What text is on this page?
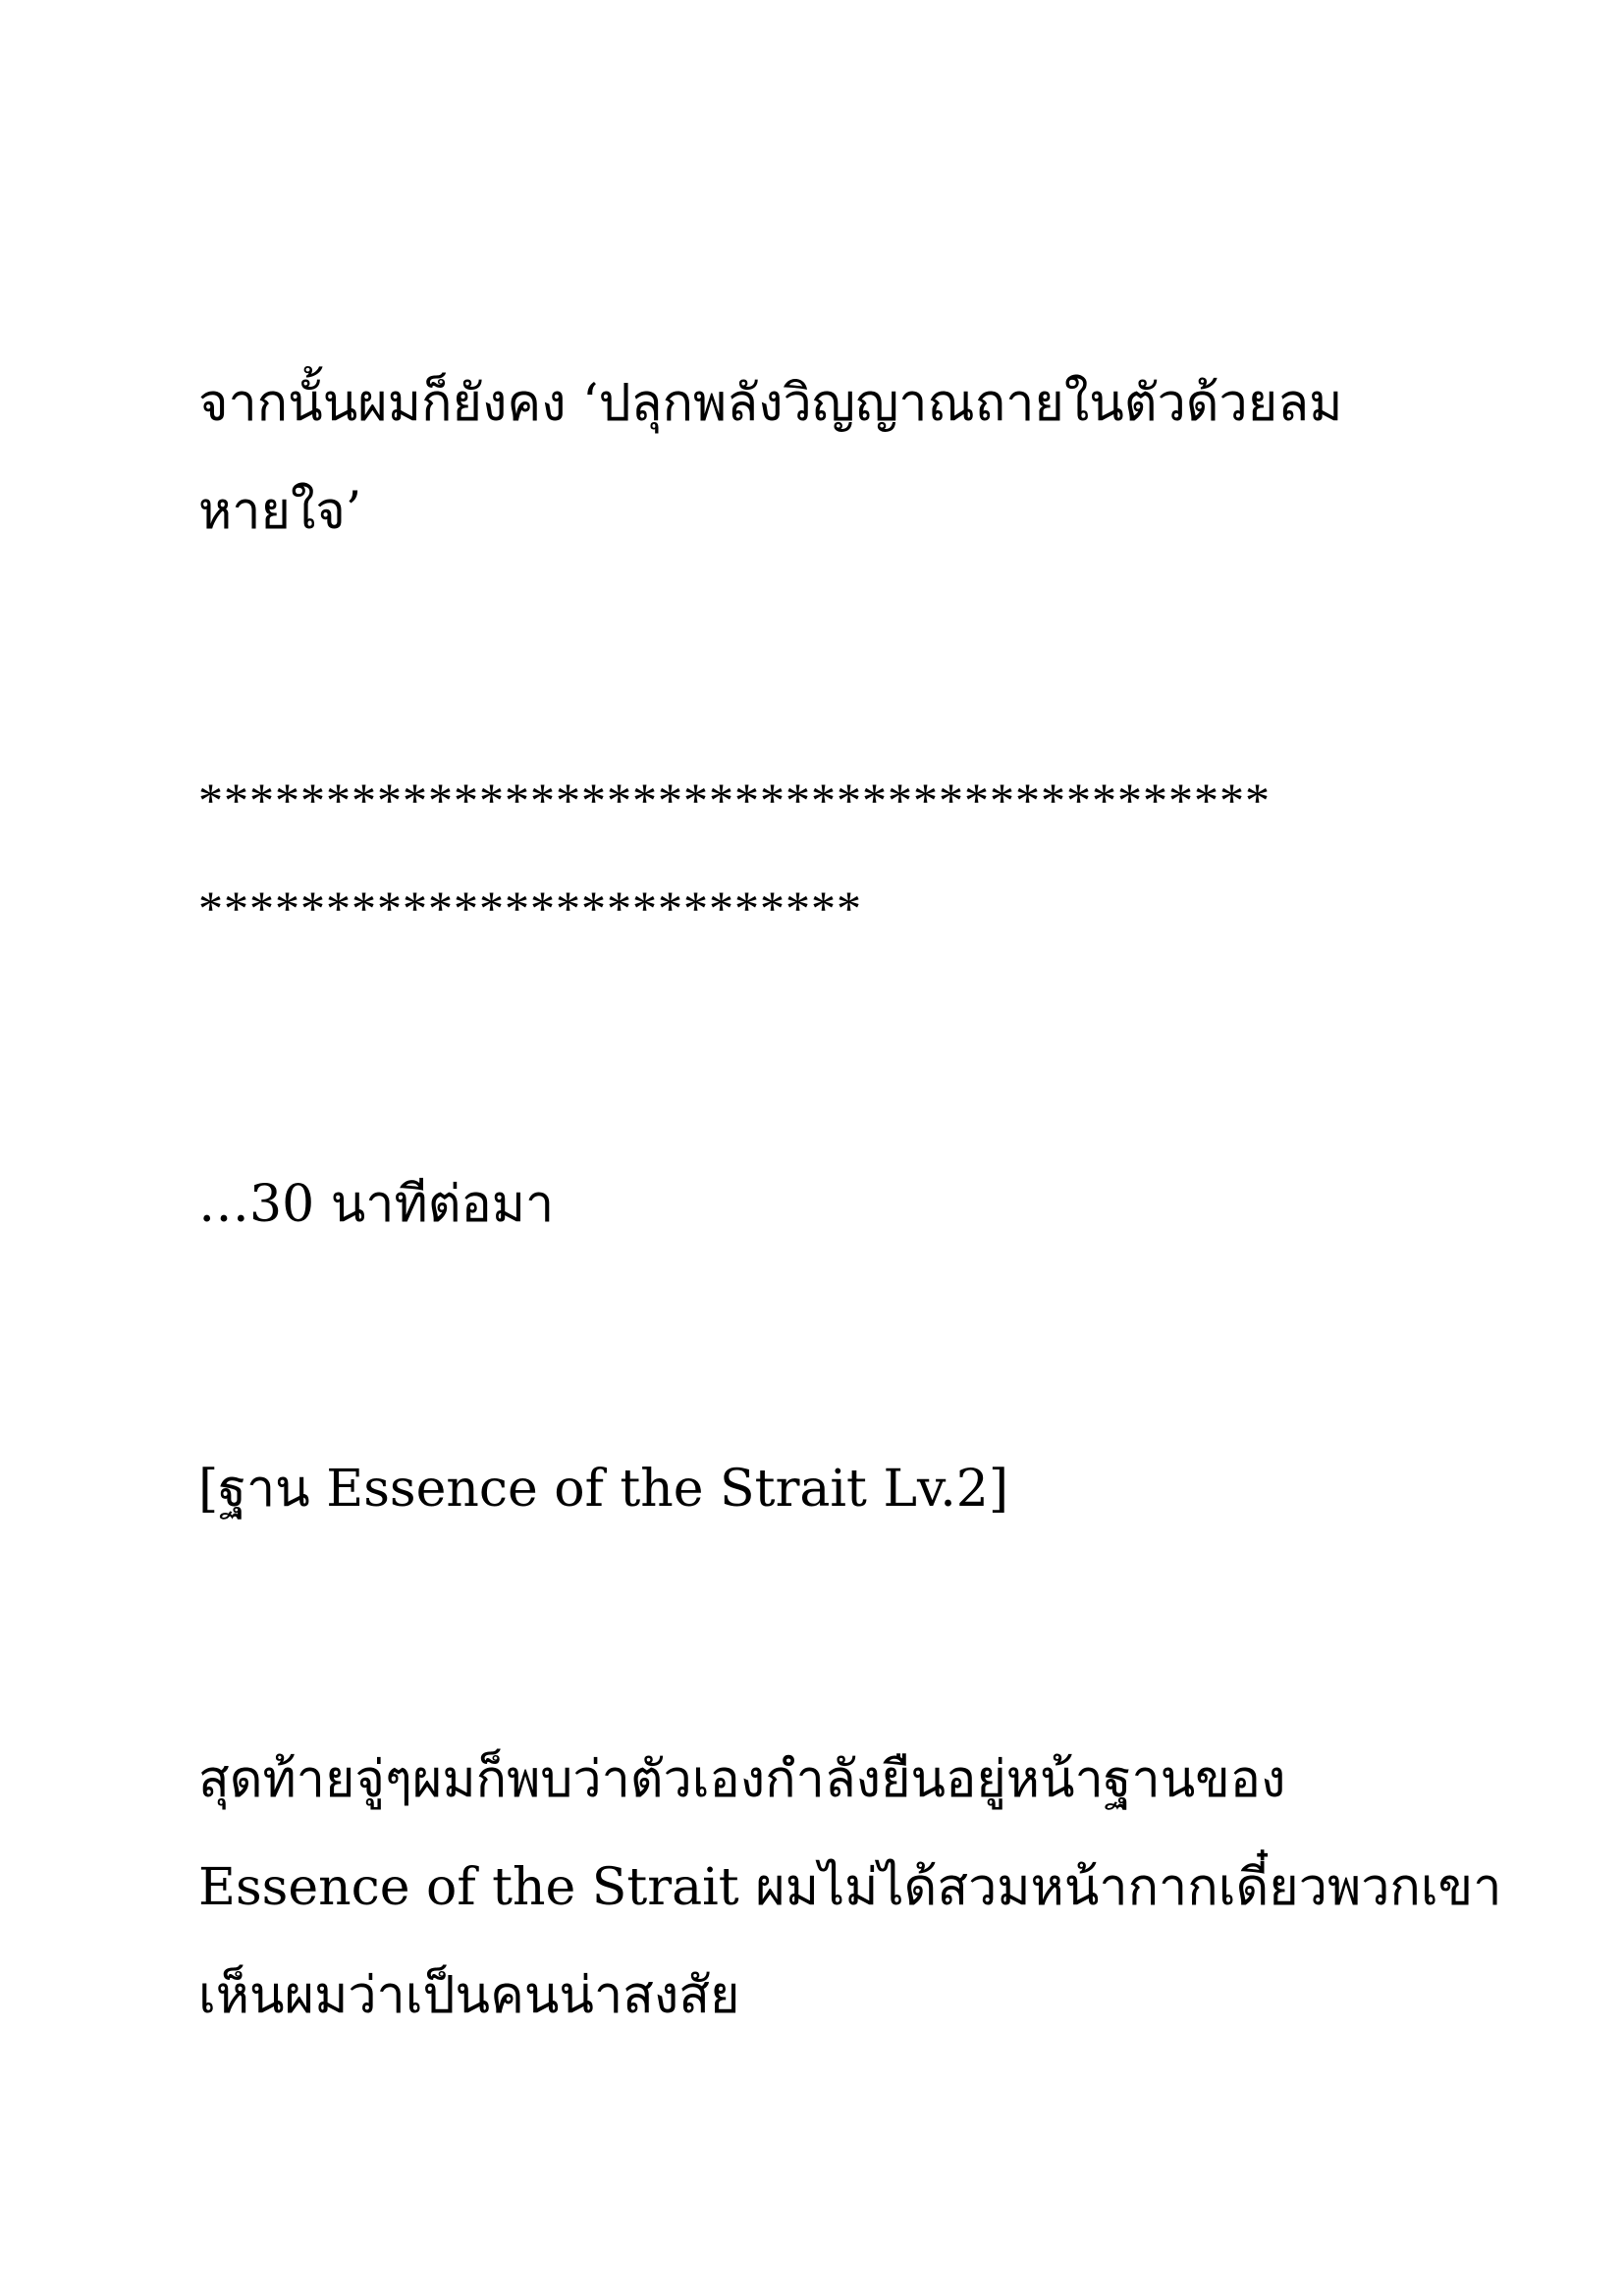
จากนั้นผมก็ยังคง ‘ปลุกพลังวิญญาณถายในตัวด้วยลม
หายใจ’
******************************************
**************************
…30 นาทีต่อมา
[ฐาน Essence of the Strait Lv.2]
สุดท้ายจู่ๆผมก็พบว่าตัวเองกำลังยืนอยู่หน้าฐานของ
Essence of the Strait ผมไม่ได้สวมหน้ากากเดี๋ยวพวกเขา
เห็นผมว่าเป็นคนน่าสงสัย
